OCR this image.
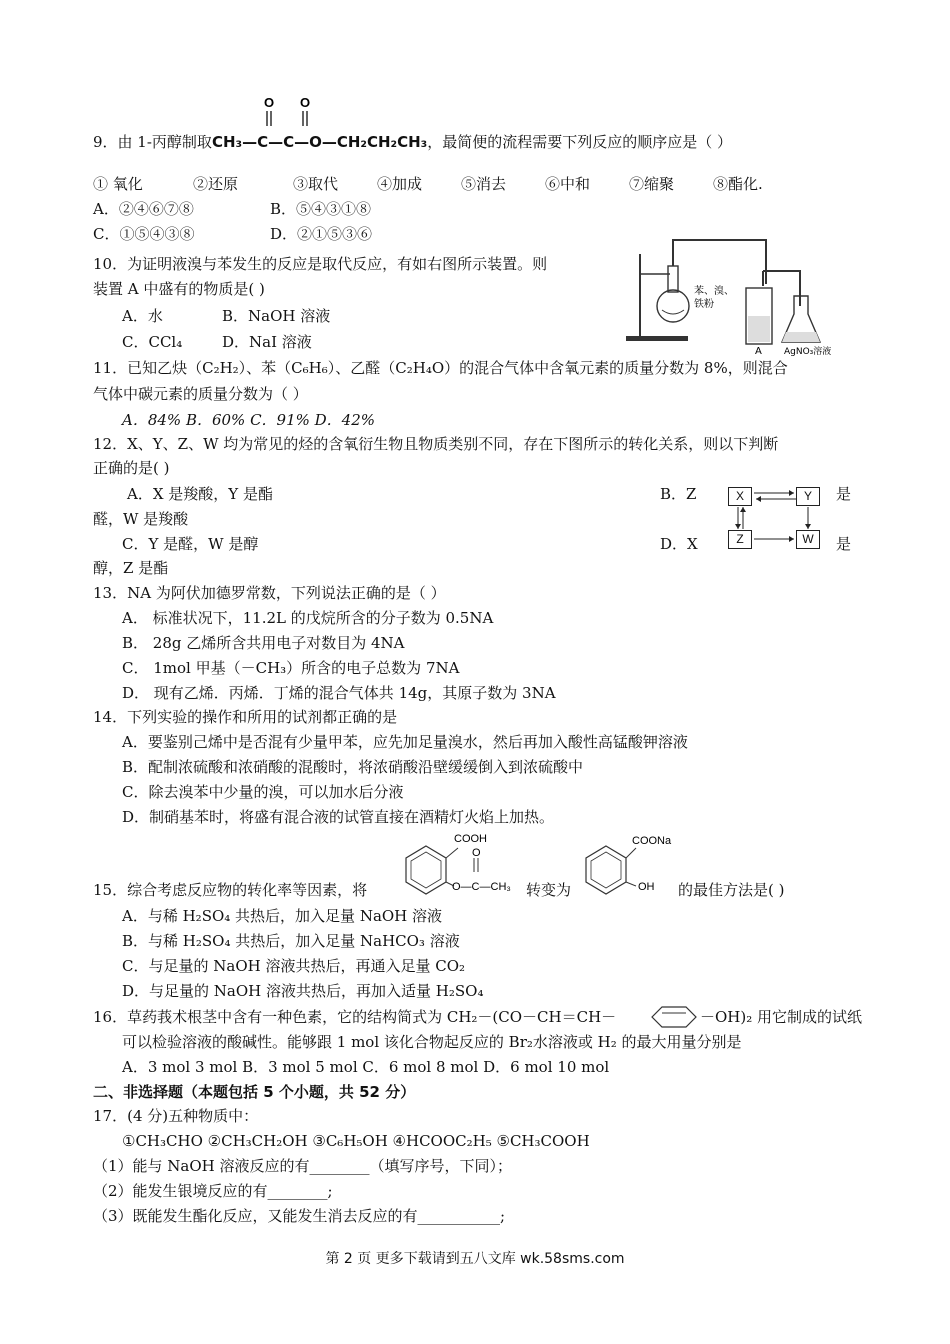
O O
9．由 1-丙醇制取CH₃—C—C—O—CH₂CH₂CH₃，最简便的流程需要下列反应的顺序应是（ ）
① 氧化	②还原	③取代	④加成	⑤消去	⑥中和	⑦缩聚	⑧酯化.
A．②④⑥⑦⑧	B．⑤④③①⑧
C．①⑤④③⑧	D．②①⑤③⑥
10．为证明液溴与苯发生的反应是取代反应，有如右图所示装置。则
装置 A 中盛有的物质是( )
A．水	B．NaOH 溶液
C．CCl₄	D．NaI 溶液
苯、溴、
铁粉
A AgNO₃溶液
11．已知乙炔（C₂H₂）、苯（C₆H₆）、乙醛（C₂H₄O）的混合气体中含氧元素的质量分数为 8%，则混合
气体中碳元素的质量分数为（ ）
A．84% B．60% C．91% D．42%
12．X、Y、Z、W 均为常见的烃的含氧衍生物且物质类别不同，存在下图所示的转化关系，则以下判断
正确的是( )
A．X 是羧酸，Y 是酯	B．Z	是
醛，W 是羧酸
C．Y 是醛，W 是醇	D．X	是
醇，Z 是酯
X	Y
Z	W
13．NA 为阿伏加德罗常数，下列说法正确的是（ ）
A． 标准状况下，11.2L 的戊烷所含的分子数为 0.5NA
B． 28g 乙烯所含共用电子对数目为 4NA
C． 1mol 甲基（－CH₃）所含的电子总数为 7NA
D． 现有乙烯．丙烯．丁烯的混合气体共 14g，其原子数为 3NA
14．下列实验的操作和所用的试剂都正确的是
A．要鉴别己烯中是否混有少量甲苯，应先加足量溴水，然后再加入酸性高锰酸钾溶液
B．配制浓硫酸和浓硝酸的混酸时，将浓硝酸沿壁缓缓倒入到浓硫酸中
C．除去溴苯中少量的溴，可以加水后分液
D．制硝基苯时，将盛有混合液的试管直接在酒精灯火焰上加热。
COOH
O
O—C—CH₃
COONa
OH
15．综合考虑反应物的转化率等因素，将	转变为	的最佳方法是( )
A．与稀 H₂SO₄ 共热后，加入足量 NaOH 溶液
B．与稀 H₂SO₄ 共热后，加入足量 NaHCO₃ 溶液
C．与足量的 NaOH 溶液共热后，再通入足量 CO₂
D．与足量的 NaOH 溶液共热后，再加入适量 H₂SO₄
16．草药莪术根茎中含有一种色素，它的结构简式为 CH₂－(CO－CH＝CH－	－OH)₂ 用它制成的试纸
可以检验溶液的酸碱性。能够跟 1 mol 该化合物起反应的 Br₂水溶液或 H₂ 的最大用量分别是
A．3 mol 3 mol B．3 mol 5 mol C．6 mol 8 mol D．6 mol 10 mol
二、非选择题（本题包括 5 个小题，共 52 分）
17．(4 分)五种物质中：
①CH₃CHO ②CH₃CH₂OH ③C₆H₅OH ④HCOOC₂H₅ ⑤CH₃COOH
（1）能与 NaOH 溶液反应的有________（填写序号，下同）；
（2）能发生银境反应的有________;
（3）既能发生酯化反应，又能发生消去反应的有___________;
第 2 页 更多下载请到五八文库 wk.58sms.com
